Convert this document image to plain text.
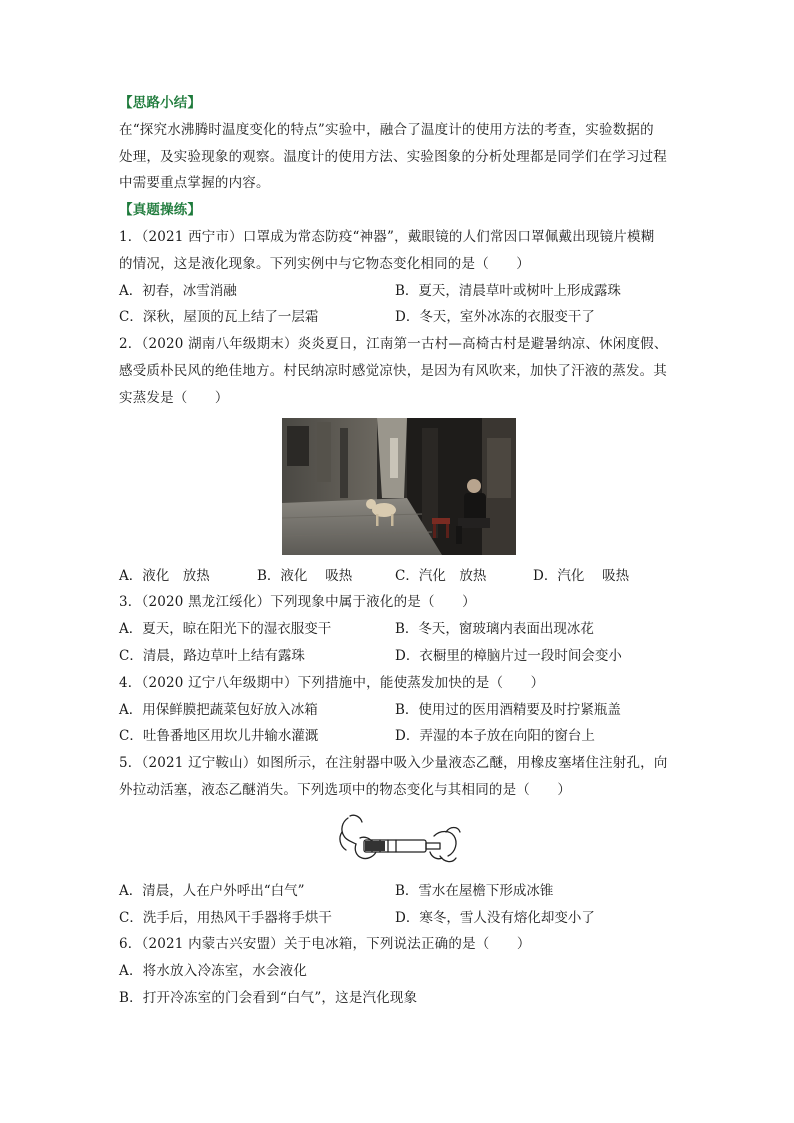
【思路小结】
在“探究水沸腾时温度变化的特点”实验中，融合了温度计的使用方法的考查，实验数据的
处理，及实验现象的观察。温度计的使用方法、实验图象的分析处理都是同学们在学习过程
中需要重点掌握的内容。
【真题操练】
1．（2021 西宁市）口罩成为常态防疫“神器”，戴眼镜的人们常因口罩佩戴出现镜片模糊
的情况，这是液化现象。下列实例中与它物态变化相同的是（　　）
A．初春，冰雪消融	B．夏天，清晨草叶或树叶上形成露珠
C．深秋，屋顶的瓦上结了一层霜	D．冬天，室外冰冻的衣服变干了
2．（2020 湖南八年级期末）炎炎夏日，江南第一古村—高椅古村是避暑纳凉、休闲度假、
感受质朴民风的绝佳地方。村民纳凉时感觉凉快，是因为有风吹来，加快了汗液的蒸发。其
实蒸发是（　　）
A．液化　放热	B．液化　 吸热	C．汽化　放热	D．汽化　 吸热
3．（2020 黑龙江绥化）下列现象中属于液化的是（　　）
A．夏天，晾在阳光下的湿衣服变干	B．冬天，窗玻璃内表面出现冰花
C．清晨，路边草叶上结有露珠	D．衣橱里的樟脑片过一段时间会变小
4．（2020 辽宁八年级期中）下列措施中，能使蒸发加快的是（　　）
A．用保鲜膜把蔬菜包好放入冰箱	B．使用过的医用酒精要及时拧紧瓶盖
C．吐鲁番地区用坎儿井输水灌溉	D．弄湿的本子放在向阳的窗台上
5．（2021 辽宁鞍山）如图所示，在注射器中吸入少量液态乙醚，用橡皮塞堵住注射孔，向
外拉动活塞，液态乙醚消失。下列选项中的物态变化与其相同的是（　　）
A．清晨，人在户外呼出“白气”	B．雪水在屋檐下形成冰锥
C．洗手后，用热风干手器将手烘干	D．寒冬，雪人没有熔化却变小了
6．（2021 内蒙古兴安盟）关于电冰箱，下列说法正确的是（　　）
A．将水放入冷冻室，水会液化
B．打开冷冻室的门会看到“白气”，这是汽化现象
